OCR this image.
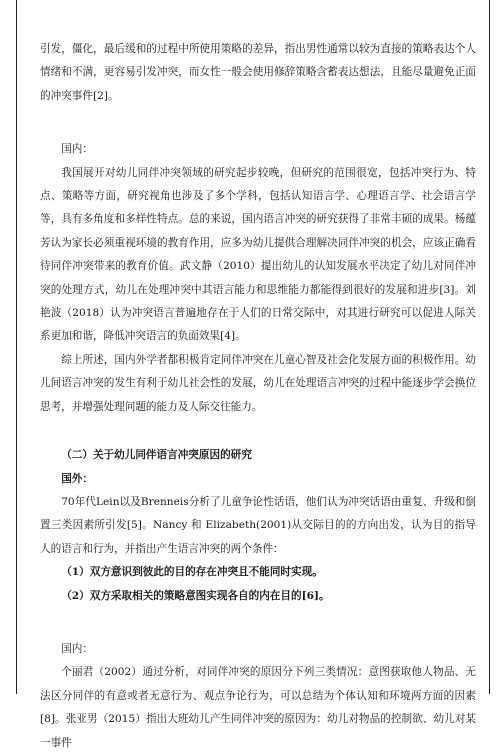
引发，僵化，最后缓和的过程中所使用策略的差异，指出男性通常以较为直接的策略表达个人情绪和不满，更容易引发冲突，而女性一般会使用修辞策略含蓄表达想法，且能尽量避免正面的冲突事件[2]。

国内：

我国展开对幼儿同伴冲突领域的研究起步较晚，但研究的范围很宽，包括冲突行为、特点、策略等方面，研究视角也涉及了多个学科，包括认知语言学、心理语言学、社会语言学等，具有多角度和多样性特点。总的来说，国内语言冲突的研究获得了非常丰硕的成果。杨蕴芳认为家长必须重视环境的教育作用，应多为幼儿提供合理解决同伴冲突的机会，应该正确看待同伴冲突带来的教育价值。武文静（2010）提出幼儿的认知发展水平决定了幼儿对同伴冲突的处理方式，幼儿在处理冲突中其语言能力和思维能力都能得到很好的发展和进步[3]。刘艳波（2018）认为冲突语言普遍地存在于人们的日常交际中，对其进行研究可以促进人际关系更加和谐，降低冲突语言的负面效果[4]。

综上所述，国内外学者都积极肯定同伴冲突在儿童心智及社会化发展方面的积极作用。幼儿间语言冲突的发生有利于幼儿社会性的发展，幼儿在处理语言冲突的过程中能逐步学会换位思考，并增强处理问题的能力及人际交往能力。

（二）关于幼儿同伴语言冲突原因的研究

国外：

70年代Lein以及Brenneis分析了儿童争论性话语，他们认为冲突话语由重复、升级和倒置三类因素所引发[5]。Nancy 和 Elizabeth(2001)从交际目的的方向出发，认为目的指导人的语言和行为，并指出产生语言冲突的两个条件：

（1）双方意识到彼此的目的存在冲突且不能同时实现。

（2）双方采取相关的策略意图实现各自的内在目的[6]。

国内：

个丽君（2002）通过分析，对同伴冲突的原因分下列三类情况：意图获取他人物品、无法区分同伴的有意或者无意行为、观点争论行为，可以总结为个体认知和环境两方面的因素[8]。张亚男（2015）指出大班幼儿产生同伴冲突的原因为：幼儿对物品的控制欲、幼儿对某一事件
